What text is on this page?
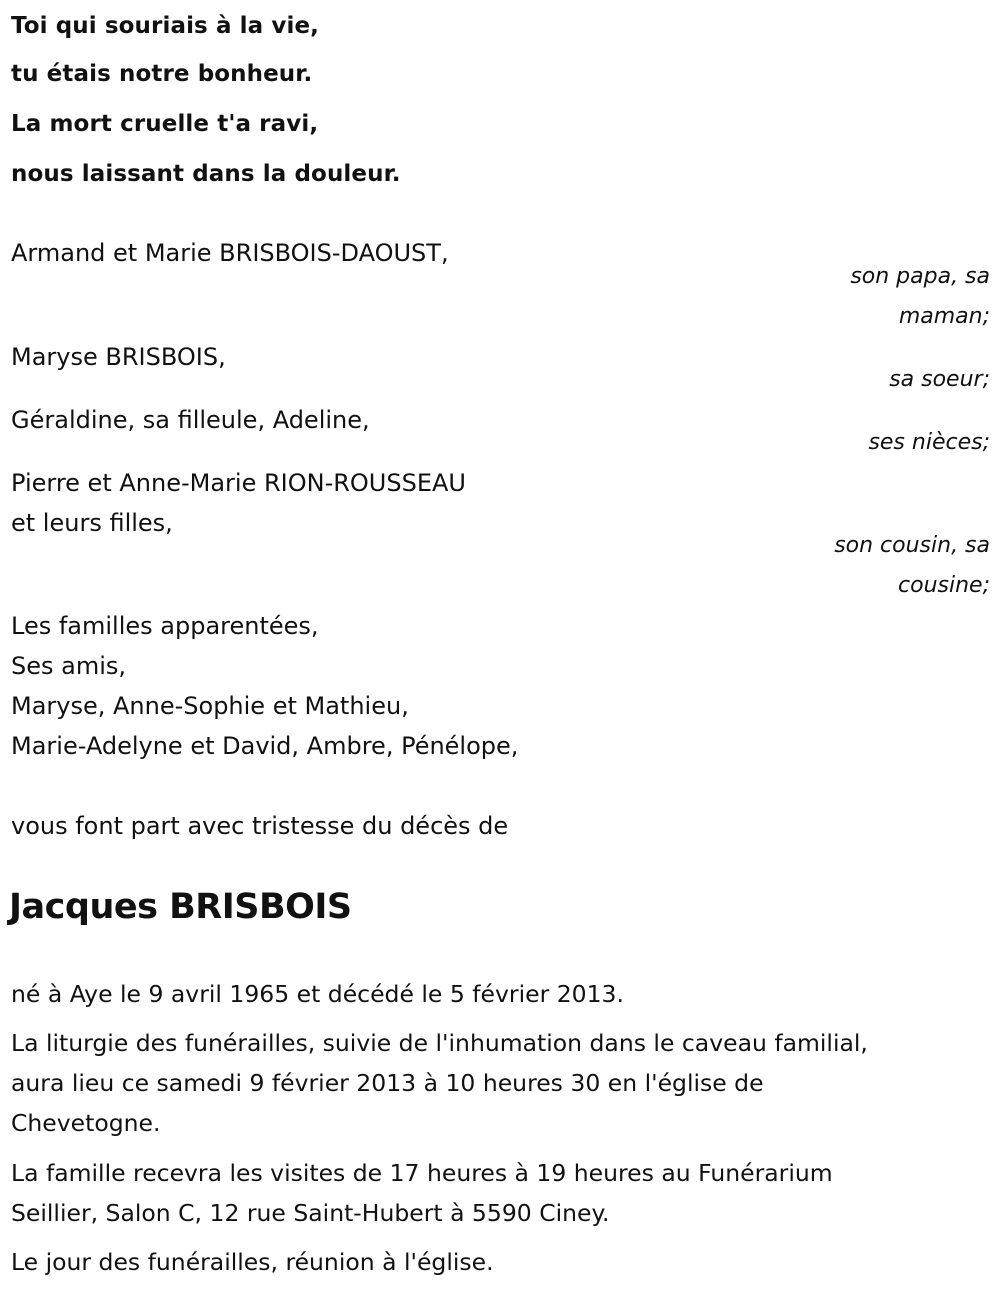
Toi qui souriais à la vie,
tu étais notre bonheur.
La mort cruelle t'a ravi,
nous laissant dans la douleur.
Armand et Marie BRISBOIS-DAOUST,
son papa, sa
maman;
Maryse BRISBOIS,
sa soeur;
Géraldine, sa filleule, Adeline,
ses nièces;
Pierre et Anne-Marie RION-ROUSSEAU
et leurs filles,
son cousin, sa
cousine;
Les familles apparentées,
Ses amis,
Maryse, Anne-Sophie et Mathieu,
Marie-Adelyne et David, Ambre, Pénélope,
vous font part avec tristesse du décès de
Jacques BRISBOIS
né à Aye le 9 avril 1965 et décédé le 5 février 2013.
La liturgie des funérailles, suivie de l'inhumation dans le caveau familial,
aura lieu ce samedi 9 février 2013 à 10 heures 30 en l'église de
Chevetogne.
La famille recevra les visites de 17 heures à 19 heures au Funérarium
Seillier, Salon C, 12 rue Saint-Hubert à 5590 Ciney.
Le jour des funérailles, réunion à l'église.
